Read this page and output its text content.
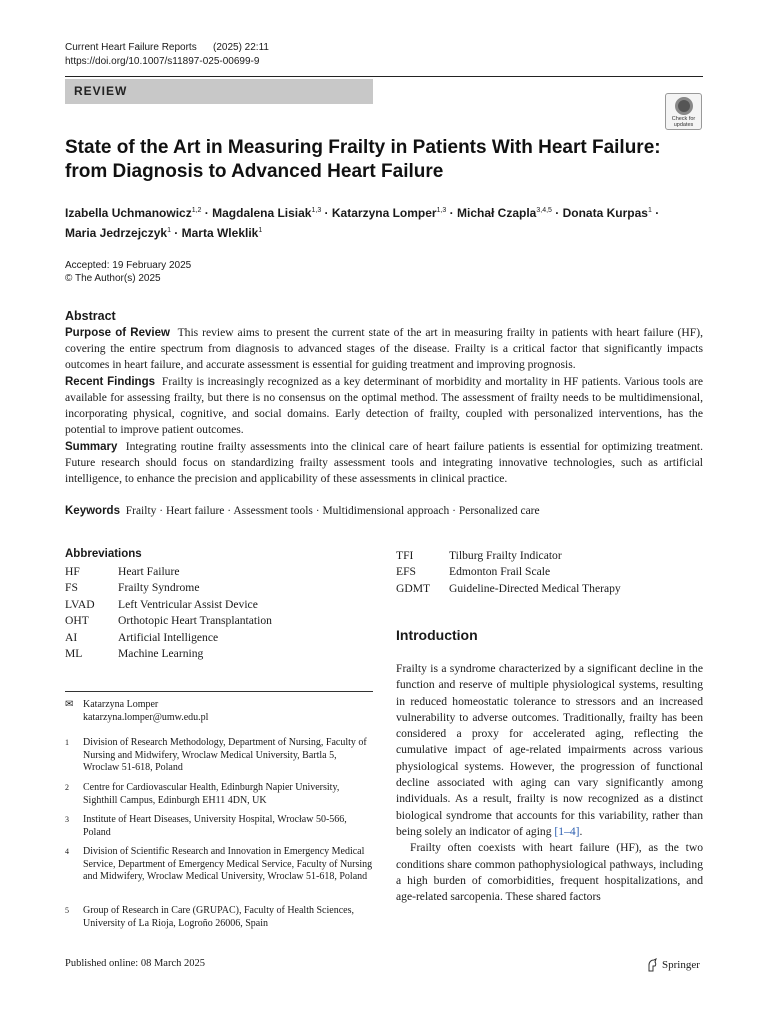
Current Heart Failure Reports (2025) 22:11
https://doi.org/10.1007/s11897-025-00699-9
REVIEW
Check for
updates
State of the Art in Measuring Frailty in Patients With Heart Failure:
from Diagnosis to Advanced Heart Failure
Izabella Uchmanowicz$^{1,2}$ · Magdalena Lisiak$^{1,3}$ · Katarzyna Lomper$^{1,3}$ · Michał Czapla$^{3,4,5}$ · Donata Kurpas$^1$ ·
Maria Jedrzejczyk$^1$ · Marta Wleklik$^1$
Accepted: 19 February 2025
© The Author(s) 2025
Abstract
Purpose of Review This review aims to present the current state of the art in measuring frailty in patients with heart failure (HF), covering the entire spectrum from diagnosis to advanced stages of the disease. Frailty is a critical factor that significantly impacts outcomes in heart failure, and accurate assessment is essential for guiding treatment and improving prognosis.
Recent Findings Frailty is increasingly recognized as a key determinant of morbidity and mortality in HF patients. Various tools are available for assessing frailty, but there is no consensus on the optimal method. The assessment of frailty needs to be multidimensional, incorporating physical, cognitive, and social domains. Early detection of frailty, coupled with personalized interventions, has the potential to improve patient outcomes.
Summary Integrating routine frailty assessments into the clinical care of heart failure patients is essential for optimizing treatment. Future research should focus on standardizing frailty assessment tools and integrating innovative technologies, such as artificial intelligence, to enhance the precision and applicability of these assessments in clinical practice.
Keywords Frailty · Heart failure · Assessment tools · Multidimensional approach · Personalized care
Abbreviations
HF	Heart Failure
FS	Frailty Syndrome
LVAD	Left Ventricular Assist Device
OHT	Orthotopic Heart Transplantation
AI	Artificial Intelligence
ML	Machine Learning
TFI	Tilburg Frailty Indicator
EFS	Edmonton Frail Scale
GDMT	Guideline-Directed Medical Therapy
✉ Katarzyna Lomper
katarzyna.lomper@umw.edu.pl
1	Division of Research Methodology, Department of Nursing, Faculty of Nursing and Midwifery, Wroclaw Medical University, Bartla 5, Wroclaw 51-618, Poland
2	Centre for Cardiovascular Health, Edinburgh Napier University, Sighthill Campus, Edinburgh EH11 4DN, UK
3	Institute of Heart Diseases, University Hospital, Wrocław 50-566, Poland
4	Division of Scientific Research and Innovation in Emergency Medical Service, Department of Emergency Medical Service, Faculty of Nursing and Midwifery, Wroclaw Medical University, Wroclaw 51-618, Poland
5	Group of Research in Care (GRUPAC), Faculty of Health Sciences, University of La Rioja, Logroño 26006, Spain
Introduction

Frailty is a syndrome characterized by a significant decline in the function and reserve of multiple physiological systems, resulting in reduced homeostatic tolerance to stressors and an increased vulnerability to adverse outcomes. Traditionally, frailty has been considered a proxy for accelerated aging, reflecting the cumulative impact of age-related impairments across various physiological systems. However, the progression of functional decline associated with aging can vary significantly among individuals. As a result, frailty is now recognized as a distinct biological syndrome that accounts for this variability, rather than being solely an indicator of aging [1–4].

Frailty often coexists with heart failure (HF), as the two conditions share common pathophysiological pathways, including a high burden of comorbidities, frequent hospitalizations, and age-related sarcopenia. These shared factors

Published online: 08 March 2025	Springer
